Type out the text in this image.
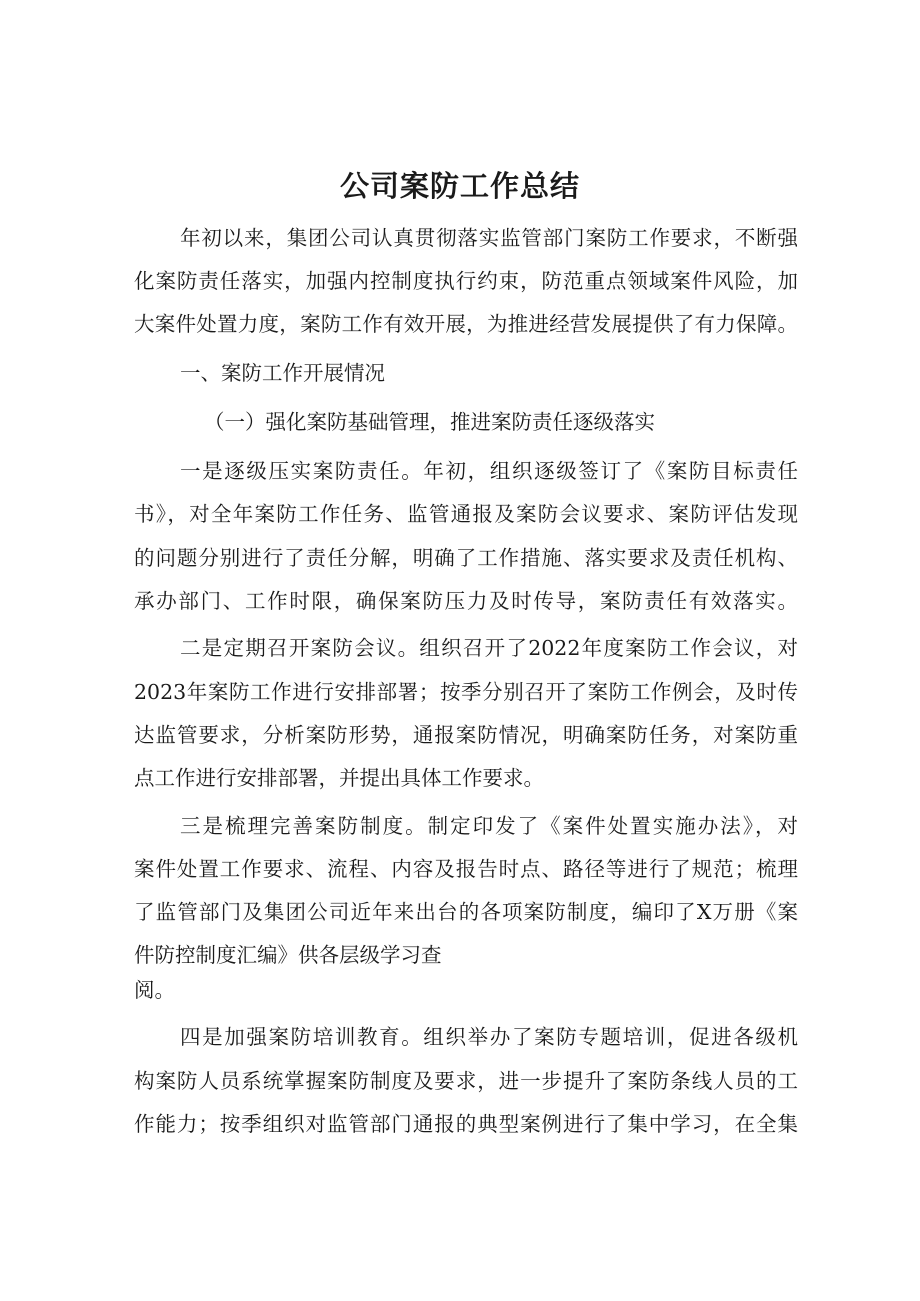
公司案防工作总结

年初以来，集团公司认真贯彻落实监管部门案防工作要求，不断强

化案防责任落实，加强内控制度执行约束，防范重点领域案件风险，加

大案件处置力度，案防工作有效开展，为推进经营发展提供了有力保障。

一、案防工作开展情况

（一）强化案防基础管理，推进案防责任逐级落实

一是逐级压实案防责任。年初，组织逐级签订了《案防目标责任

书》，对全年案防工作任务、监管通报及案防会议要求、案防评估发现

的问题分别进行了责任分解，明确了工作措施、落实要求及责任机构、

承办部门、工作时限，确保案防压力及时传导，案防责任有效落实。

二是定期召开案防会议。组织召开了2022年度案防工作会议，对

2023年案防工作进行安排部署；按季分别召开了案防工作例会，及时传

达监管要求，分析案防形势，通报案防情况，明确案防任务，对案防重

点工作进行安排部署，并提出具体工作要求。

三是梳理完善案防制度。制定印发了《案件处置实施办法》，对

案件处置工作要求、流程、内容及报告时点、路径等进行了规范；梳理

了监管部门及集团公司近年来出台的各项案防制度，编印了X万册《案

件防控制度汇编》供各层级学习查

阅。

四是加强案防培训教育。组织举办了案防专题培训，促进各级机

构案防人员系统掌握案防制度及要求，进一步提升了案防条线人员的工

作能力；按季组织对监管部门通报的典型案例进行了集中学习，在全集
